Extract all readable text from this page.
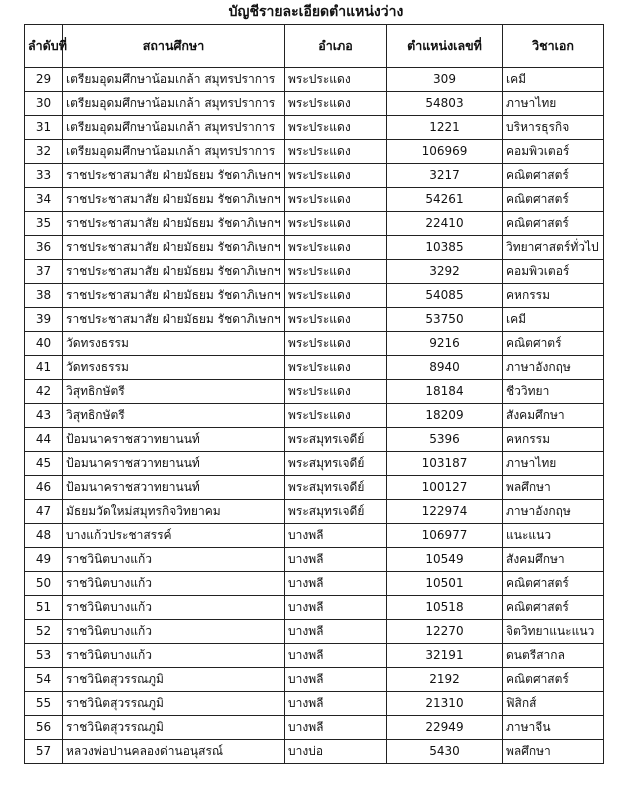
บัญชีรายละเอียดตำแหน่งว่าง
ลำดับที่	สถานศึกษา	อำเภอ	ตำแหน่งเลขที่	วิชาเอก
29	เตรียมอุดมศึกษาน้อมเกล้า สมุทรปราการ	พระประแดง	309	เคมี
30	เตรียมอุดมศึกษาน้อมเกล้า สมุทรปราการ	พระประแดง	54803	ภาษาไทย
31	เตรียมอุดมศึกษาน้อมเกล้า สมุทรปราการ	พระประแดง	1221	บริหารธุรกิจ
32	เตรียมอุดมศึกษาน้อมเกล้า สมุทรปราการ	พระประแดง	106969	คอมพิวเตอร์
33	ราชประชาสมาสัย ฝ่ายมัธยม รัชดาภิเษกฯ	พระประแดง	3217	คณิตศาสตร์
34	ราชประชาสมาสัย ฝ่ายมัธยม รัชดาภิเษกฯ	พระประแดง	54261	คณิตศาสตร์
35	ราชประชาสมาสัย ฝ่ายมัธยม รัชดาภิเษกฯ	พระประแดง	22410	คณิตศาสตร์
36	ราชประชาสมาสัย ฝ่ายมัธยม รัชดาภิเษกฯ	พระประแดง	10385	วิทยาศาสตร์ทั่วไป
37	ราชประชาสมาสัย ฝ่ายมัธยม รัชดาภิเษกฯ	พระประแดง	3292	คอมพิวเตอร์
38	ราชประชาสมาสัย ฝ่ายมัธยม รัชดาภิเษกฯ	พระประแดง	54085	คหกรรม
39	ราชประชาสมาสัย ฝ่ายมัธยม รัชดาภิเษกฯ	พระประแดง	53750	เคมี
40	วัดทรงธรรม	พระประแดง	9216	คณิตศาตร์
41	วัดทรงธรรม	พระประแดง	8940	ภาษาอังกฤษ
42	วิสุทธิกษัตรี	พระประแดง	18184	ชีววิทยา
43	วิสุทธิกษัตรี	พระประแดง	18209	สังคมศึกษา
44	ป้อมนาคราชสวาทยานนท์	พระสมุทรเจดีย์	5396	คหกรรม
45	ป้อมนาคราชสวาทยานนท์	พระสมุทรเจดีย์	103187	ภาษาไทย
46	ป้อมนาคราชสวาทยานนท์	พระสมุทรเจดีย์	100127	พลศึกษา
47	มัธยมวัดใหม่สมุทรกิจวิทยาคม	พระสมุทรเจดีย์	122974	ภาษาอังกฤษ
48	บางแก้วประชาสรรค์	บางพลี	106977	แนะแนว
49	ราชวินิตบางแก้ว	บางพลี	10549	สังคมศึกษา
50	ราชวินิตบางแก้ว	บางพลี	10501	คณิตศาสตร์
51	ราชวินิตบางแก้ว	บางพลี	10518	คณิตศาสตร์
52	ราชวินิตบางแก้ว	บางพลี	12270	จิตวิทยาแนะแนว
53	ราชวินิตบางแก้ว	บางพลี	32191	ดนตรีสากล
54	ราชวินิตสุวรรณภูมิ	บางพลี	2192	คณิตศาสตร์
55	ราชวินิตสุวรรณภูมิ	บางพลี	21310	ฟิสิกส์
56	ราชวินิตสุวรรณภูมิ	บางพลี	22949	ภาษาจีน
57	หลวงพ่อปานคลองด่านอนุสรณ์	บางบ่อ	5430	พลศึกษา
